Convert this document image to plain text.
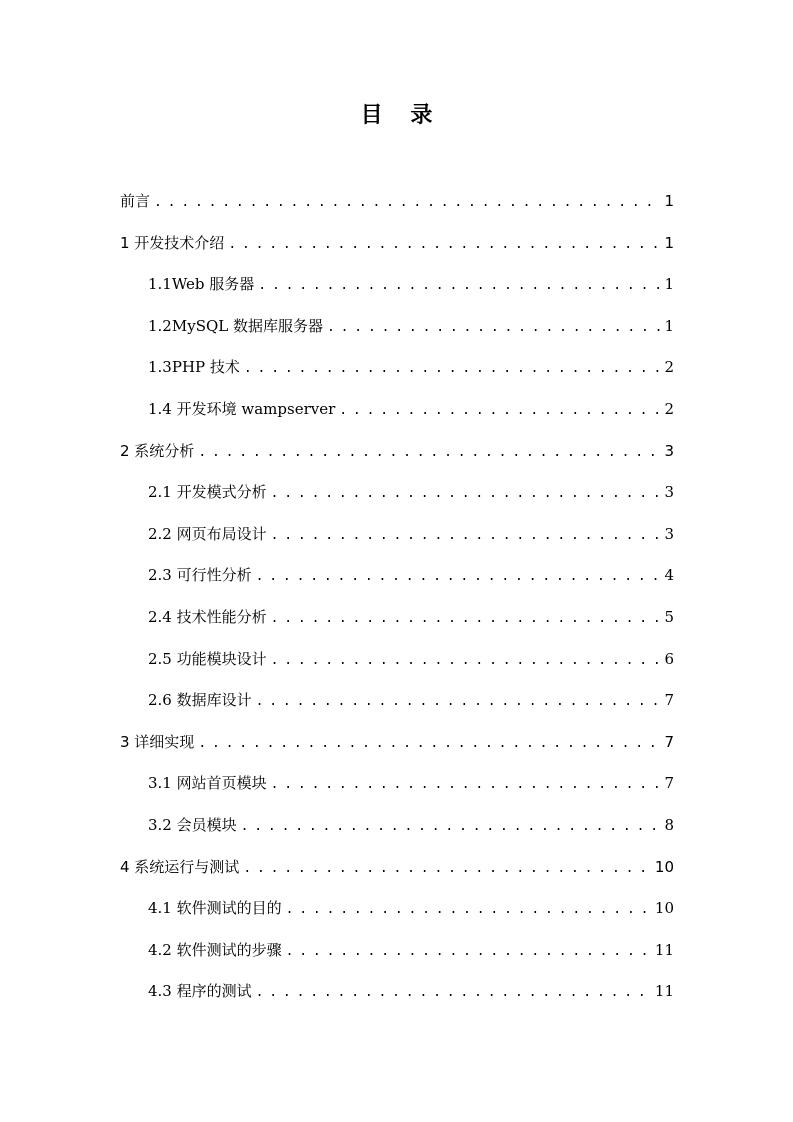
目 录
前言 . . .	1
1 开发技术介绍 . . .	1
1.1Web 服务器 . . .	1
1.2MySQL 数据库服务器 . . .	1
1.3PHP 技术 . . .	2
1.4 开发环境 wampserver . . .	2
2 系统分析 . . .	3
2.1 开发模式分析 . . .	3
2.2 网页布局设计 . . .	3
2.3 可行性分析 . . .	4
2.4 技术性能分析 . . .	5
2.5 功能模块设计 . . .	6
2.6 数据库设计 . . .	7
3 详细实现 . . .	7
3.1 网站首页模块 . . .	7
3.2 会员模块 . . .	8
4 系统运行与测试 . . .	10
4.1 软件测试的目的 . . .	10
4.2 软件测试的步骤 . . .	11
4.3 程序的测试 . . .	11
